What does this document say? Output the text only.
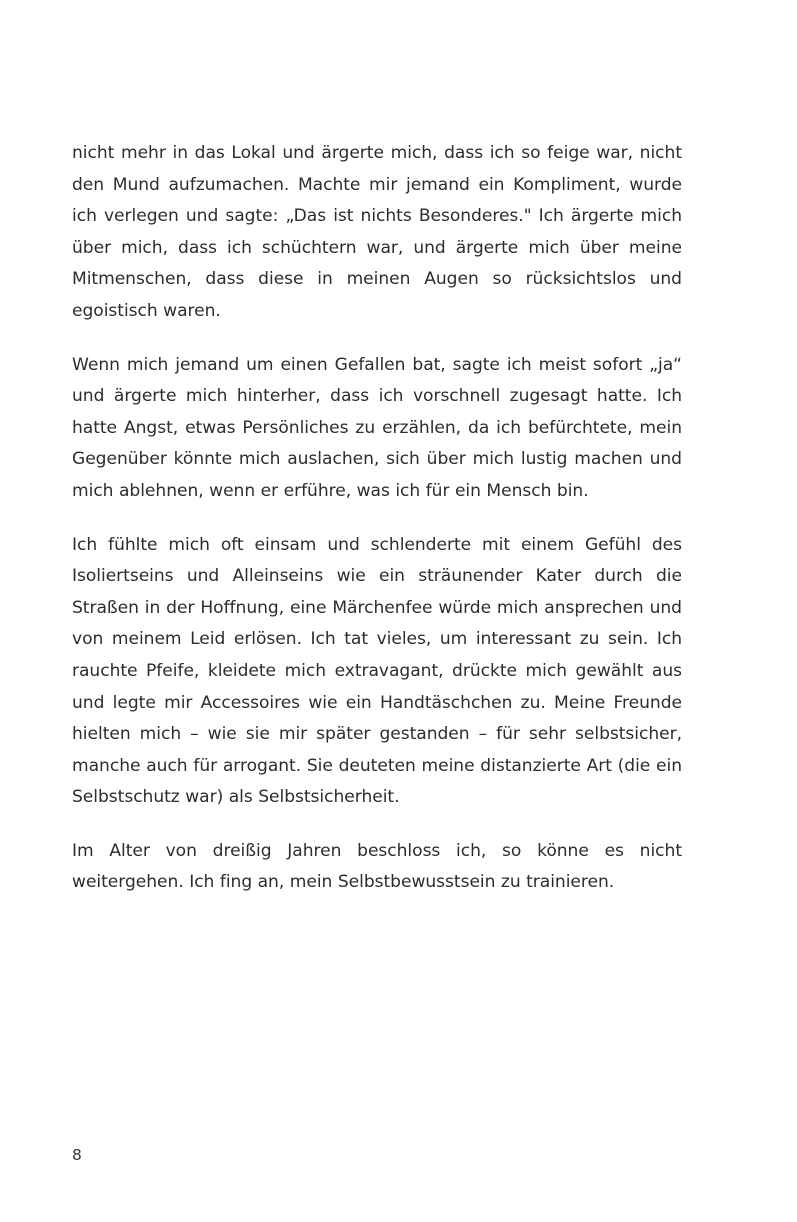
nicht mehr in das Lokal und ärgerte mich, dass ich so feige war, nicht den Mund aufzumachen. Machte mir jemand ein Kompliment, wurde ich verlegen und sagte: „Das ist nichts Besonderes." Ich ärgerte mich über mich, dass ich schüchtern war, und ärgerte mich über meine Mitmenschen, dass diese in meinen Augen so rücksichtslos und egoistisch waren.

Wenn mich jemand um einen Gefallen bat, sagte ich meist sofort „ja“ und ärgerte mich hinterher, dass ich vorschnell zugesagt hatte. Ich hatte Angst, etwas Persönliches zu erzählen, da ich befürchtete, mein Gegenüber könnte mich auslachen, sich über mich lustig machen und mich ablehnen, wenn er erführe, was ich für ein Mensch bin.

Ich fühlte mich oft einsam und schlenderte mit einem Gefühl des Isoliertseins und Alleinseins wie ein sträunender Kater durch die Straßen in der Hoffnung, eine Märchenfee würde mich ansprechen und von meinem Leid erlösen. Ich tat vieles, um interessant zu sein. Ich rauchte Pfeife, kleidete mich extravagant, drückte mich gewählt aus und legte mir Accessoires wie ein Handtäschchen zu. Meine Freunde hielten mich – wie sie mir später gestanden – für sehr selbstsicher, manche auch für arrogant. Sie deuteten meine distanzierte Art (die ein Selbstschutz war) als Selbstsicherheit.

Im Alter von dreißig Jahren beschloss ich, so könne es nicht weitergehen. Ich fing an, mein Selbstbewusstsein zu trainieren.

8
